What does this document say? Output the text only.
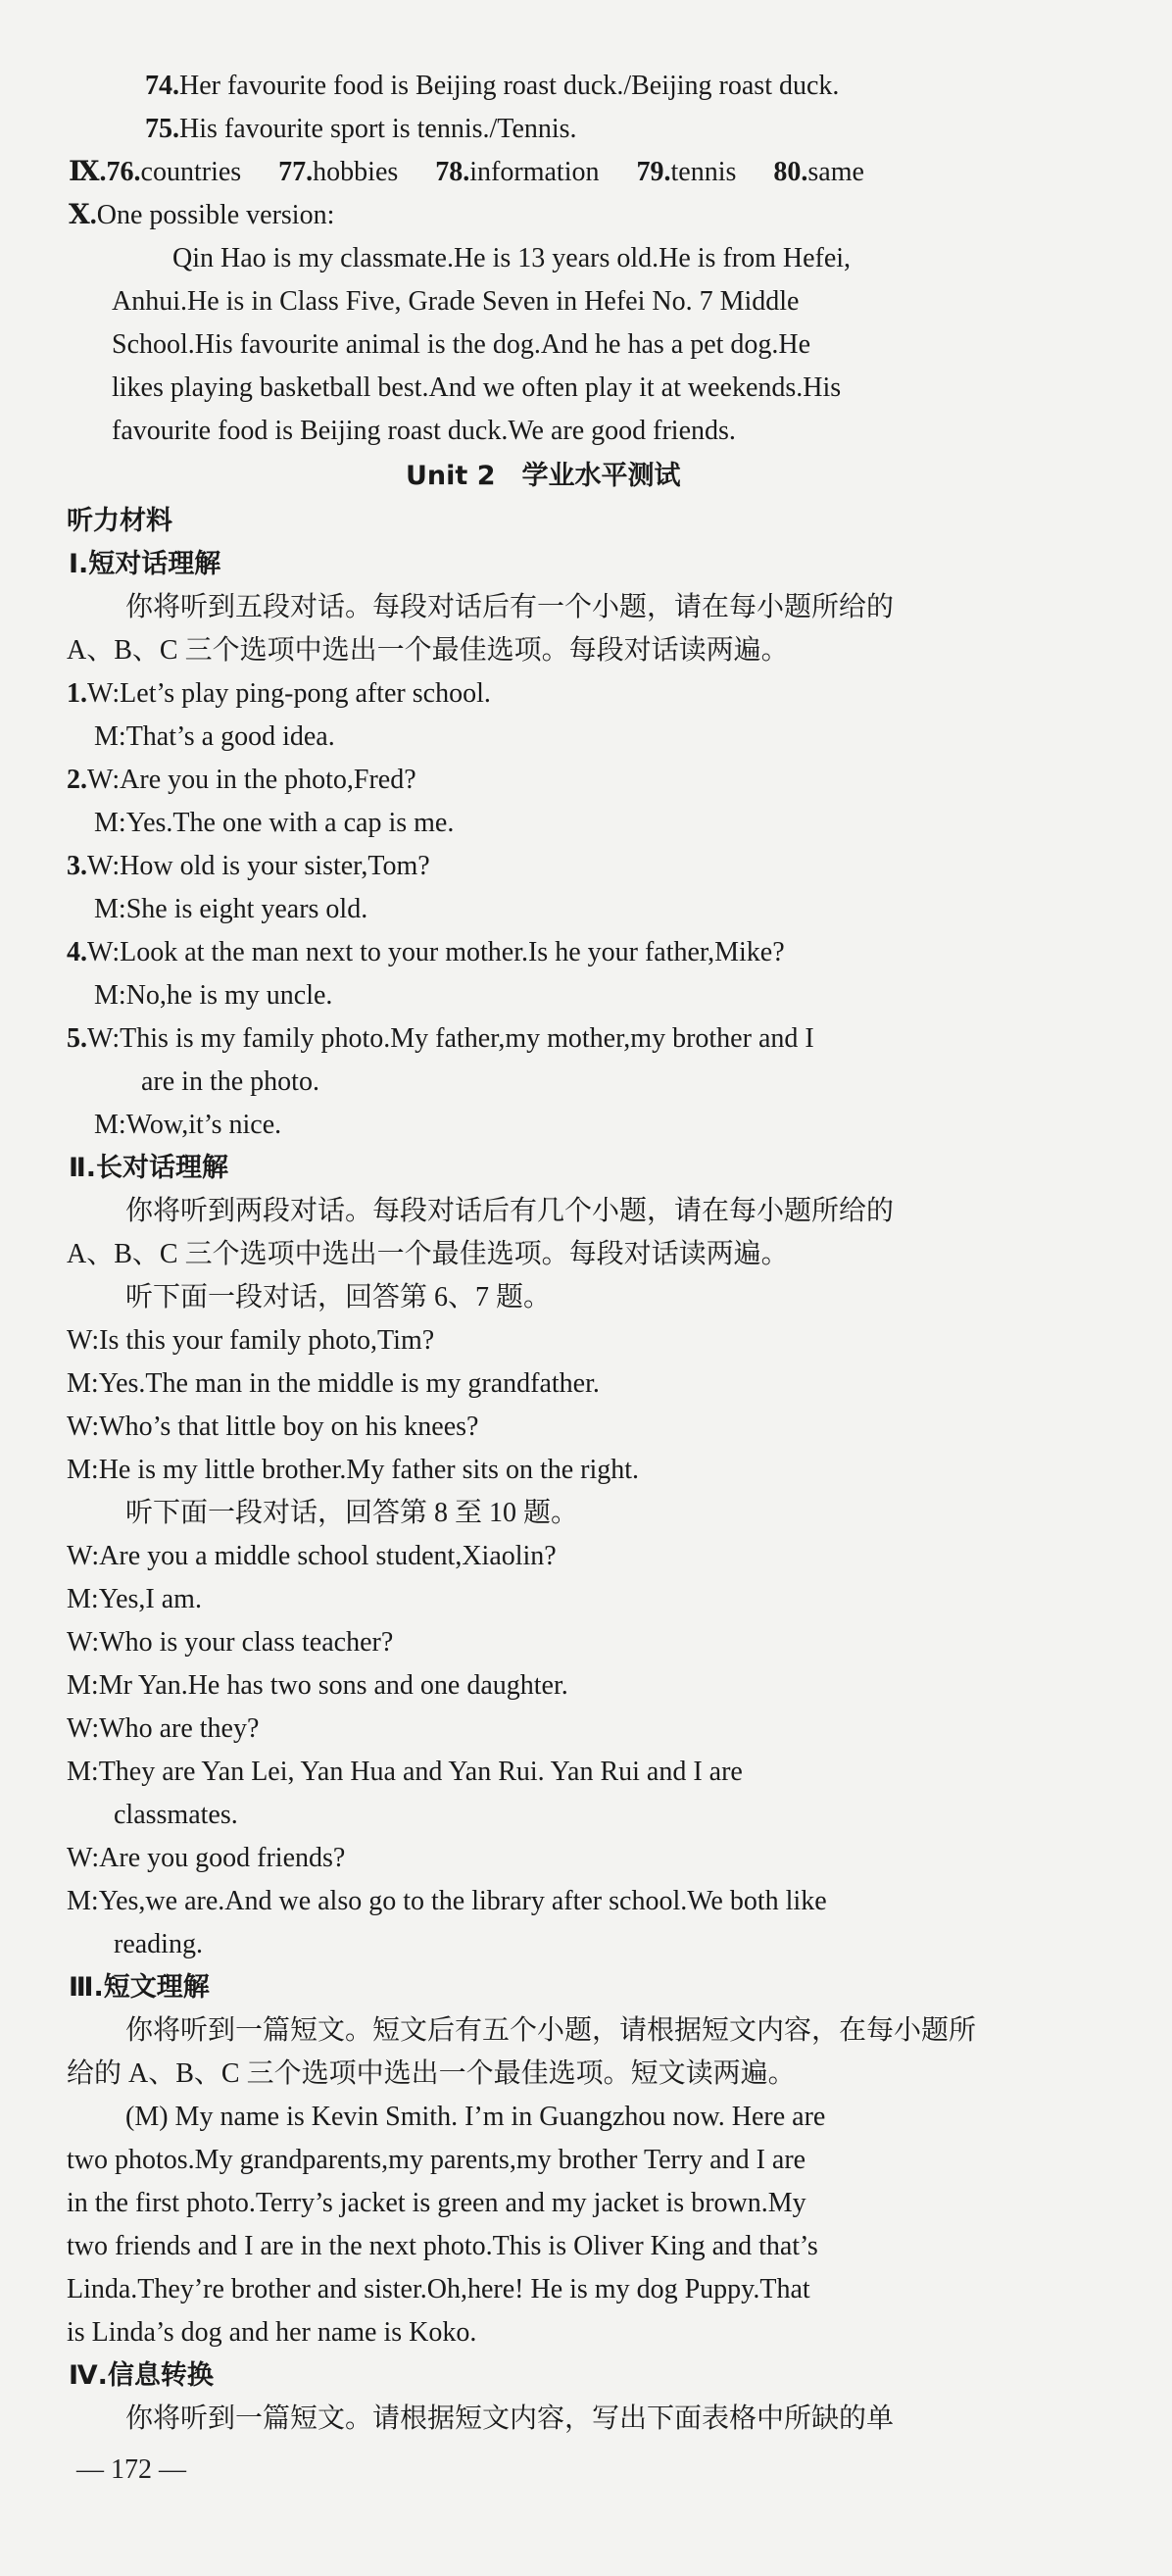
74.Her favourite food is Beijing roast duck./Beijing roast duck.
75.His favourite sport is tennis./Tennis.
Ⅸ.76.countries 77.hobbies 78.information 79.tennis 80.same
Ⅹ.One possible version:
Qin Hao is my classmate.He is 13 years old.He is from Hefei,
Anhui.He is in Class Five, Grade Seven in Hefei No. 7 Middle
School.His favourite animal is the dog.And he has a pet dog.He
likes playing basketball best.And we often play it at weekends.His
favourite food is Beijing roast duck.We are good friends.
Unit 2　学业水平测试
听力材料
Ⅰ.短对话理解
你将听到五段对话。每段对话后有一个小题，请在每小题所给的
A、B、C 三个选项中选出一个最佳选项。每段对话读两遍。
1.W:Let’s play ping-pong after school.
M:That’s a good idea.
2.W:Are you in the photo,Fred?
M:Yes.The one with a cap is me.
3.W:How old is your sister,Tom?
M:She is eight years old.
4.W:Look at the man next to your mother.Is he your father,Mike?
M:No,he is my uncle.
5.W:This is my family photo.My father,my mother,my brother and I
are in the photo.
M:Wow,it’s nice.
Ⅱ.长对话理解
你将听到两段对话。每段对话后有几个小题，请在每小题所给的
A、B、C 三个选项中选出一个最佳选项。每段对话读两遍。
听下面一段对话，回答第 6、7 题。
W:Is this your family photo,Tim?
M:Yes.The man in the middle is my grandfather.
W:Who’s that little boy on his knees?
M:He is my little brother.My father sits on the right.
听下面一段对话，回答第 8 至 10 题。
W:Are you a middle school student,Xiaolin?
M:Yes,I am.
W:Who is your class teacher?
M:Mr Yan.He has two sons and one daughter.
W:Who are they?
M:They are Yan Lei, Yan Hua and Yan Rui. Yan Rui and I are
classmates.
W:Are you good friends?
M:Yes,we are.And we also go to the library after school.We both like
reading.
Ⅲ.短文理解
你将听到一篇短文。短文后有五个小题，请根据短文内容，在每小题所
给的 A、B、C 三个选项中选出一个最佳选项。短文读两遍。
(M) My name is Kevin Smith. I’m in Guangzhou now. Here are
two photos.My grandparents,my parents,my brother Terry and I are
in the first photo.Terry’s jacket is green and my jacket is brown.My
two friends and I are in the next photo.This is Oliver King and that’s
Linda.They’re brother and sister.Oh,here! He is my dog Puppy.That
is Linda’s dog and her name is Koko.
Ⅳ.信息转换
你将听到一篇短文。请根据短文内容，写出下面表格中所缺的单
— 172 —
